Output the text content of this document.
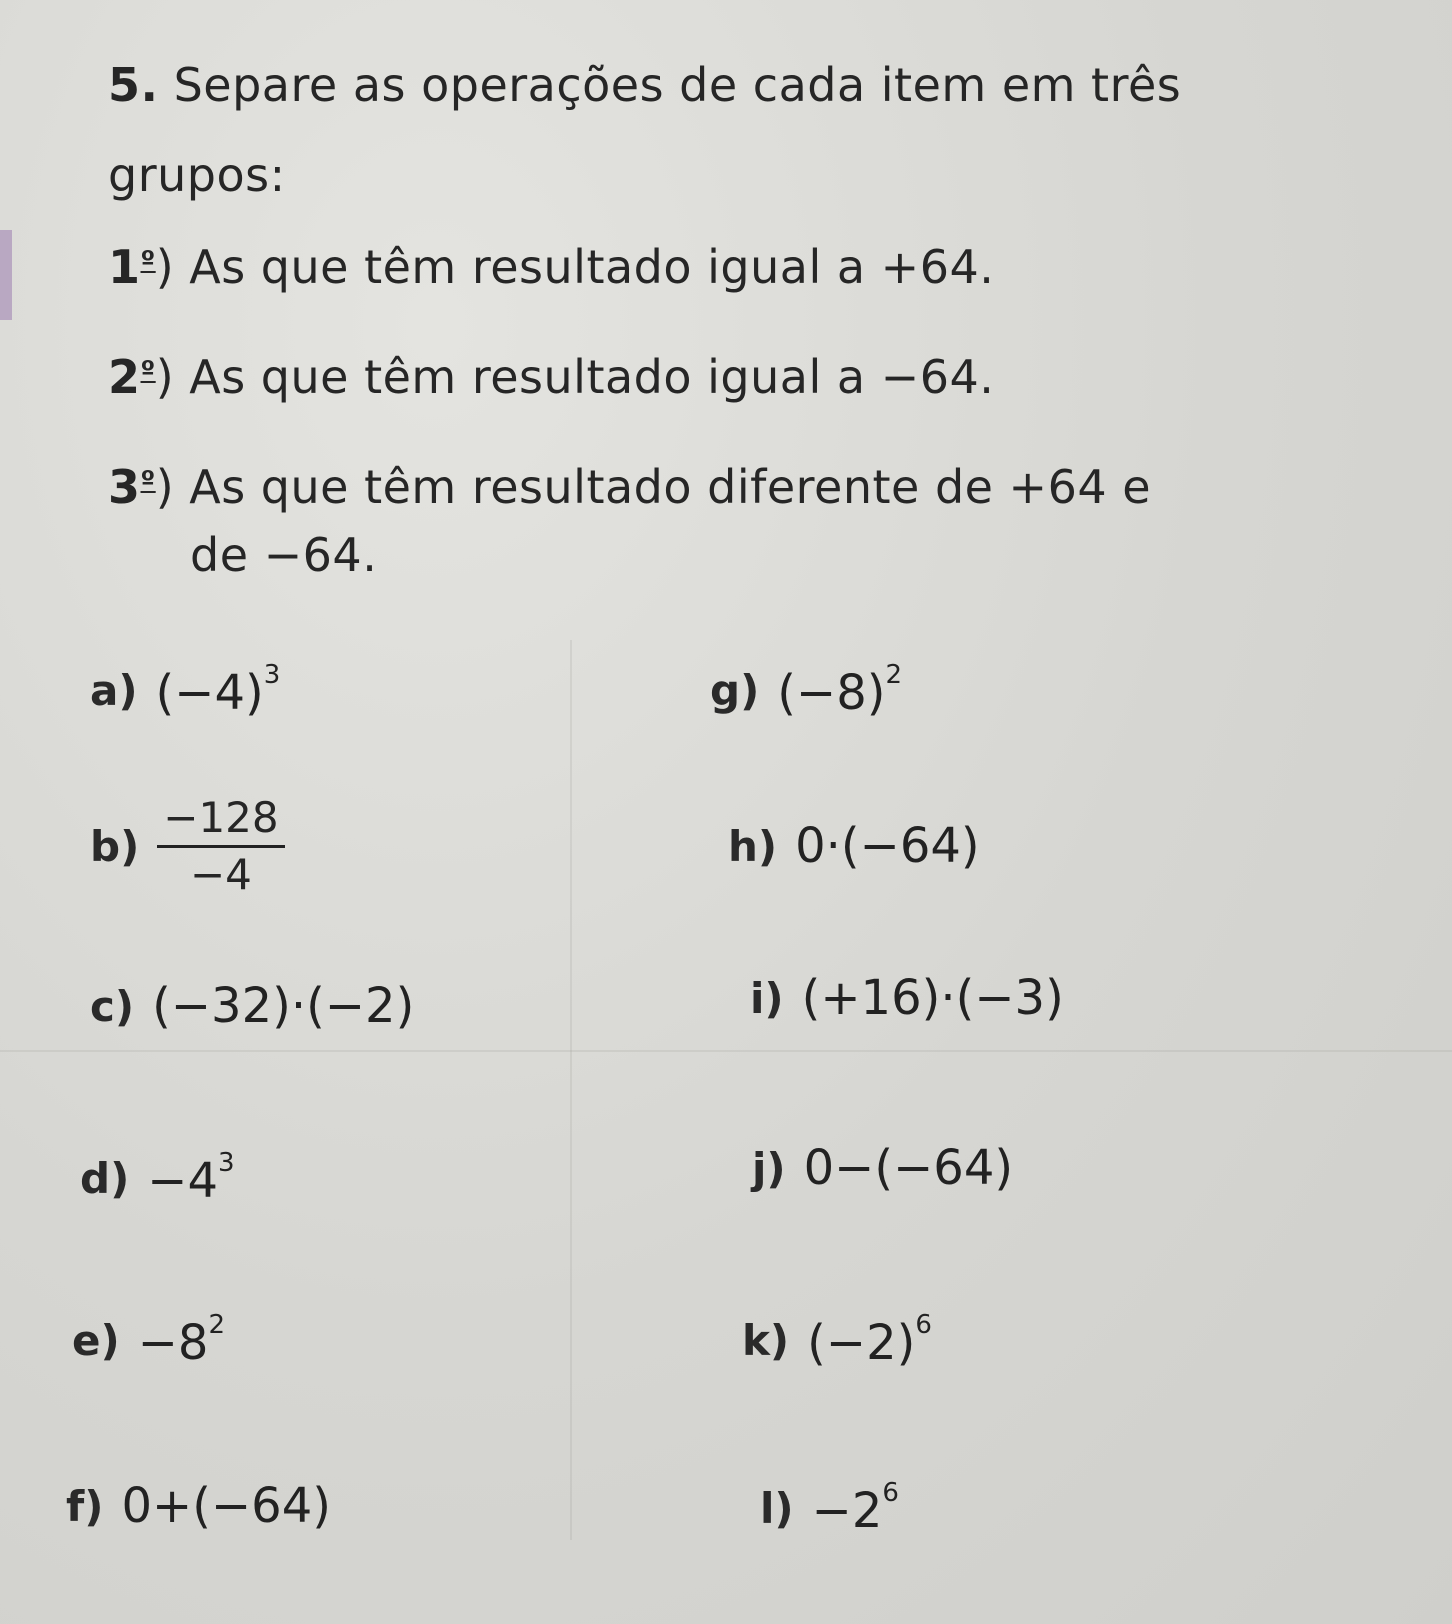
5. Separe as operações de cada item em três
grupos:
$1^º$) As que têm resultado igual a +64.
$2^º$) As que têm resultado igual a −64.
$3^º$) As que têm resultado diferente de +64 e
de −64.
a) $(-4)^3$
$b) \frac{-128}{-4}$
c) (−32)·(−2)
$d) -4^3$
$e) -8^2$
f) 0+(−64)
g) $(-8)^2$
h) 0·(−64)
i) (+16)·(−3)
j) 0−(−64)
k) $(-2)^6$
$l) -2^6$
